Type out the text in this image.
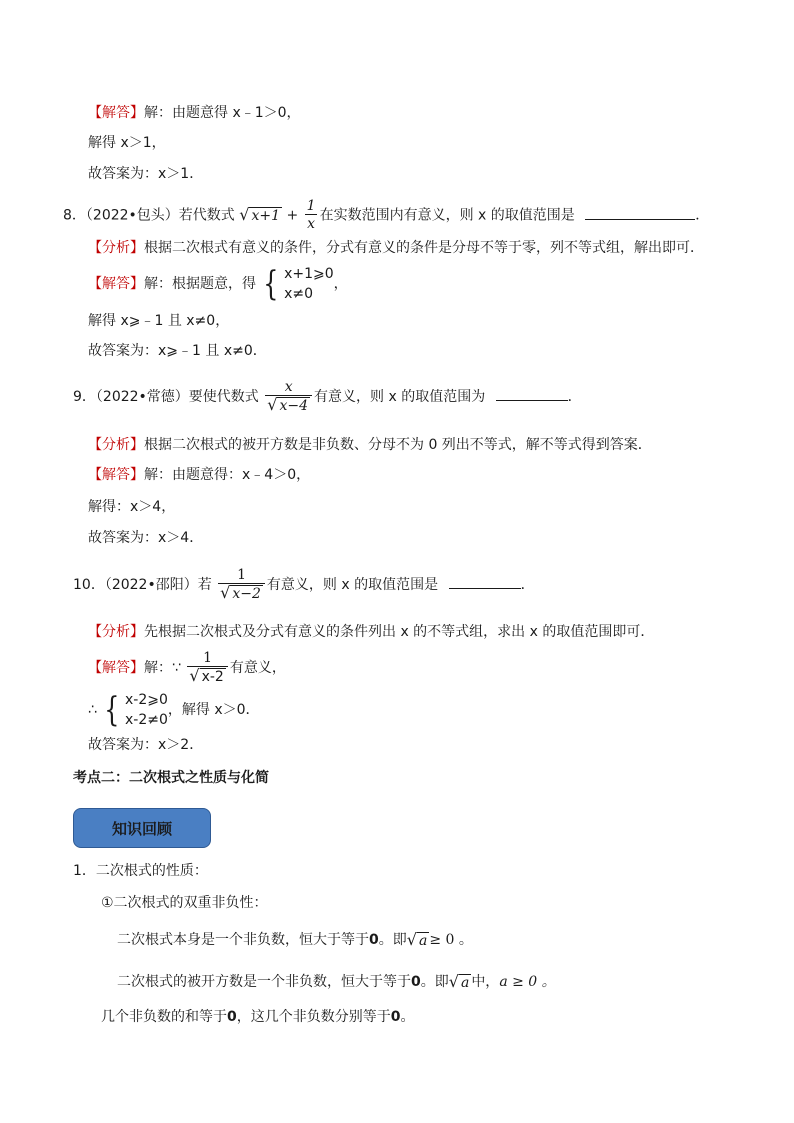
【解答】解：由题意得 x﹣1＞0，
解得 x＞1，
故答案为：x＞1．
8．（2022•包头）若代数式 √ $x+1 + \frac{1}{x}$ 在实数范围内有意义，则 x 的取值范围是	．
【分析】根据二次根式有意义的条件，分式有意义的条件是分母不等于零，列不等式组，解出即可．
【解答】解：根据题意，得 { x+1⩾0
x≠0
，
解得 x⩾﹣1 且 x≠0，
故答案为：x⩾﹣1 且 x≠0．
9．（2022•常德）要使代数式 $\frac{x}{√ x-4}$ 有意义，则 x 的取值范围为	．
【分析】根据二次根式的被开方数是非负数、分母不为 0 列出不等式，解不等式得到答案．
【解答】解：由题意得：x﹣4＞0，
解得：x＞4，
故答案为：x＞4．
10．（2022•邵阳）若 $\frac{1}{√ x-2}$ 有意义，则 x 的取值范围是	．
【分析】先根据二次根式及分式有意义的条件列出 x 的不等式组，求出 x 的取值范围即可．
【解答】解：∵ $\frac{1}{√ x-2}$ 有意义，
∴ { x-2⩾0
x-2≠0
，解得 x＞0．
故答案为：x＞2．
考点二：二次根式之性质与化简
知识回顾
1．二次根式的性质：
①二次根式的双重非负性：
二次根式本身是一个非负数，恒大于等于0。即 √ a ≥ 0 。
二次根式的被开方数是一个非负数，恒大于等于0。即 √ a 中，a ≥ 0 。
几个非负数的和等于0，这几个非负数分别等于0。
